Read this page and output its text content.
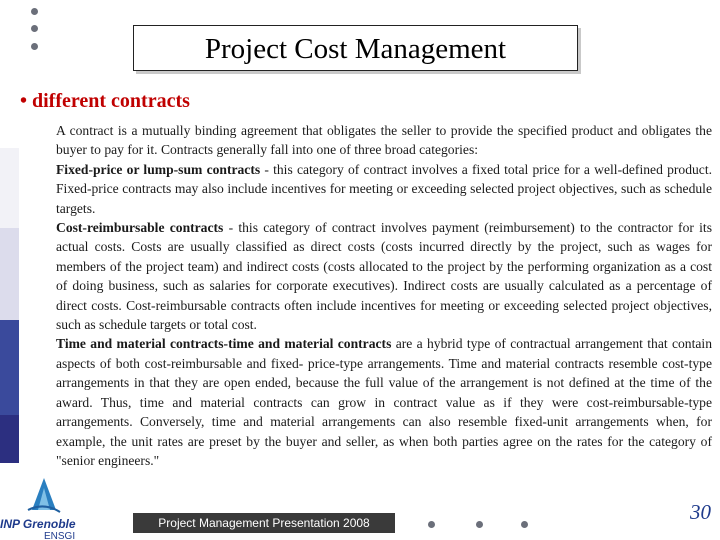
Project Cost Management
• different contracts

A contract is a mutually binding agreement that obligates the seller to provide the specified product and obligates the buyer to pay for it. Contracts generally fall into one of three broad categories:

Fixed-price or lump-sum contracts - this category of contract involves a fixed total price for a well-defined product. Fixed-price contracts may also include incentives for meeting or exceeding selected project objectives, such as schedule targets.

Cost-reimbursable contracts - this category of contract involves payment (reimbursement) to the contractor for its actual costs. Costs are usually classified as direct costs (costs incurred directly by the project, such as wages for members of the project team) and indirect costs (costs allocated to the project by the performing organization as a cost of doing business, such as salaries for corporate executives). Indirect costs are usually calculated as a percentage of direct costs. Cost-reimbursable contracts often include incentives for meeting or exceeding selected project objectives, such as schedule targets or total cost.

Time and material contracts-time and material contracts are a hybrid type of contractual arrangement that contain aspects of both cost-reimbursable and fixed- price-type arrangements. Time and material contracts resemble cost-type arrangements in that they are open ended, because the full value of the arrangement is not defined at the time of the award. Thus, time and material contracts can grow in contract value as if they were cost-reimbursable-type arrangements. Conversely, time and material arrangements can also resemble fixed-unit arrangements when, for example, the unit rates are preset by the buyer and seller, as when both parties agree on the rates for the category of "senior engineers."

INP Grenoble
ENSGI
Project Management Presentation 2008	30
